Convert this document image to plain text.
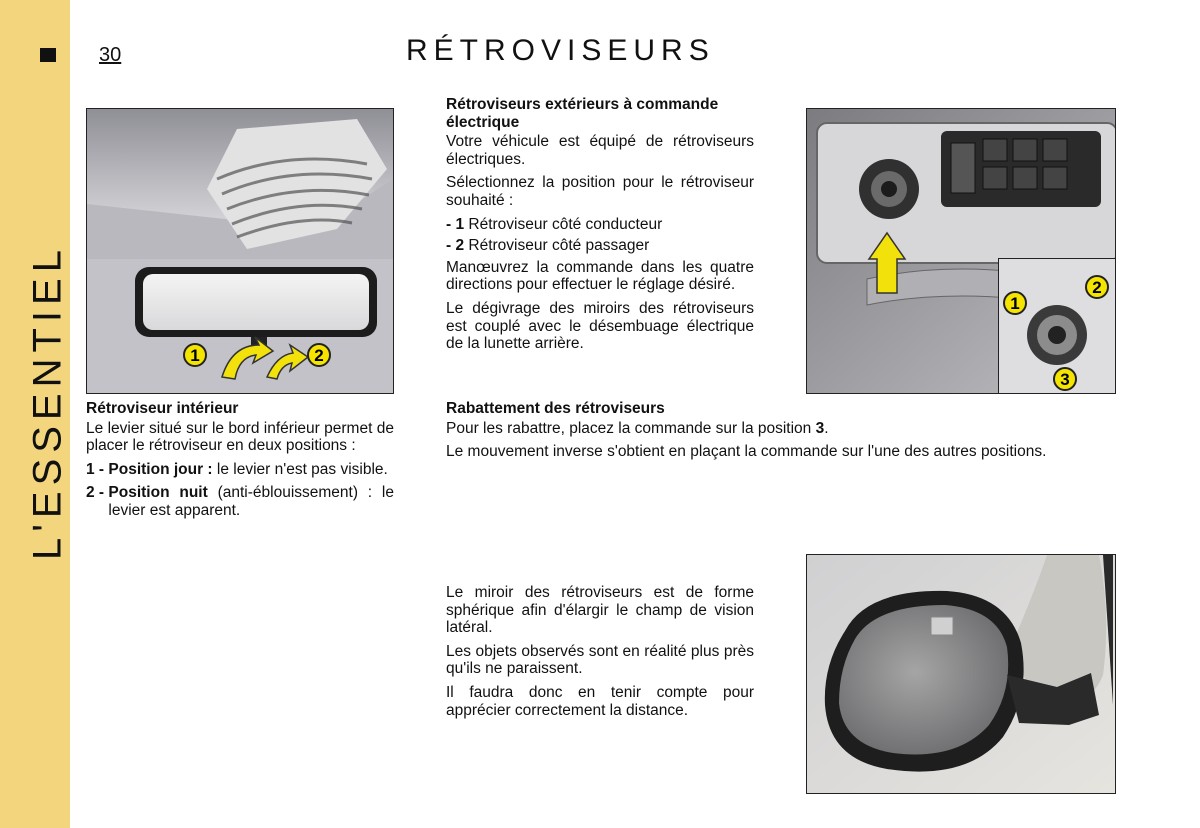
L'ESSENTIEL
30	RÉTROVISEURS
1	2
1
2
3

Rétroviseur intérieur

Le levier situé sur le bord inférieur permet de placer le rétroviseur en deux positions :

1 - Position jour : le levier n'est pas visible.
2 - Position nuit (anti-éblouissement) : le levier est apparent.

Rétroviseurs extérieurs à commande électrique

Votre véhicule est équipé de rétroviseurs électriques.

Sélectionnez la position pour le rétroviseur souhaité :

- 1 Rétroviseur côté conducteur
- 2 Rétroviseur côté passager

Manœuvrez la commande dans les quatre directions pour effectuer le réglage désiré.

Le dégivrage des miroirs des rétroviseurs est couplé avec le désembuage électrique de la lunette arrière.

Rabattement des rétroviseurs

Pour les rabattre, placez la commande sur la position 3.

Le mouvement inverse s'obtient en plaçant la commande sur l'une des autres positions.

Le miroir des rétroviseurs est de forme sphérique afin d'élargir le champ de vision latéral.

Les objets observés sont en réalité plus près qu'ils ne paraissent.

Il faudra donc en tenir compte pour apprécier correctement la distance.
